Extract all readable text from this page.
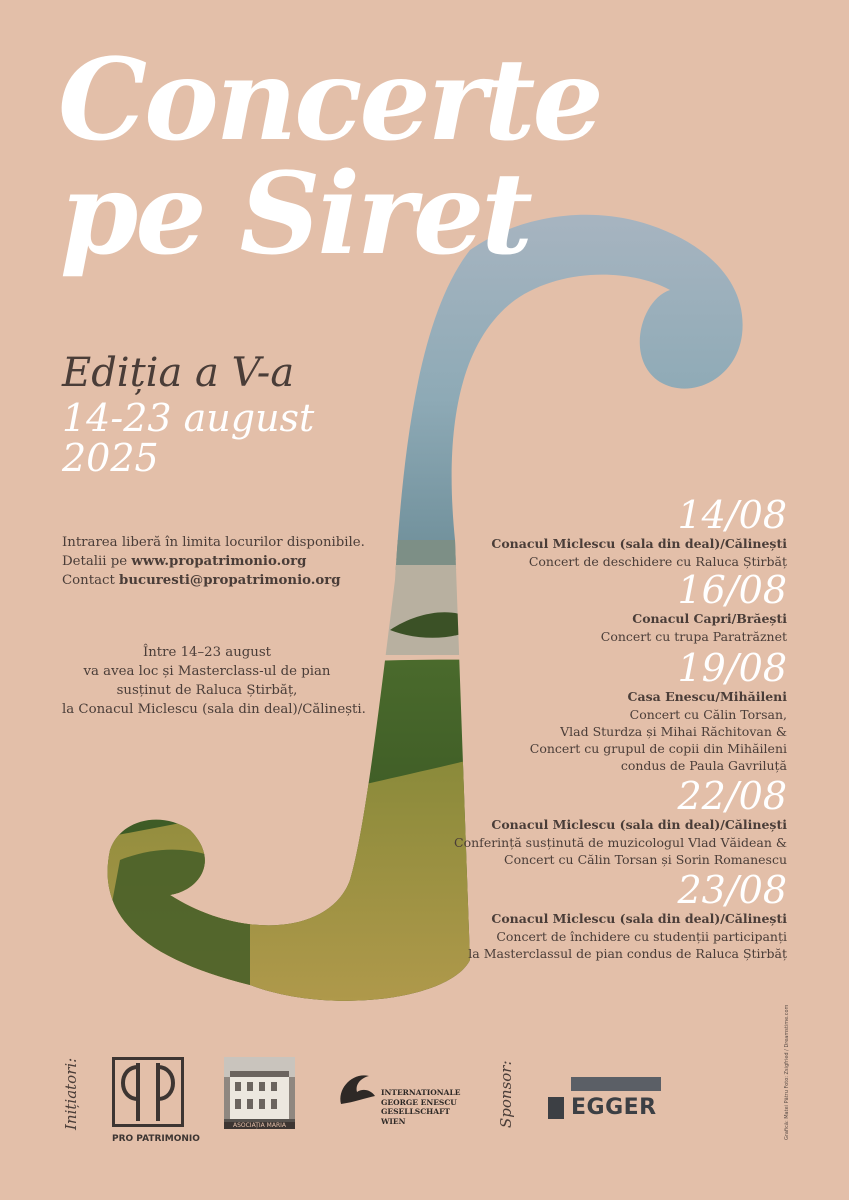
Concerte
pe Siret
Ediția a V-a
14-23 august
2025
Intrarea liberă în limita locurilor disponibile.
Detalii pe www.propatrimonio.org
Contact bucuresti@propatrimonio.org
Între 14–23 august
va avea loc și Masterclass-ul de pian
susținut de Raluca Știrbăț,
la Conacul Miclescu (sala din deal)/Călinești.
14/08
Conacul Miclescu (sala din deal)/Călinești
Concert de deschidere cu Raluca Știrbăț
16/08
Conacul Capri/Brăești
Concert cu trupa Paratrăznet
19/08
Casa Enescu/Mihăileni
Concert cu Călin Torsan,
Vlad Sturdza și Mihai Răchitovan &
Concert cu grupul de copii din Mihăileni
condus de Paula Gavriluță
22/08
Conacul Miclescu (sala din deal)/Călinești
Conferință susținută de muzicologul Vlad Văidean &
Concert cu Călin Torsan și Sorin Romanescu
23/08
Conacul Miclescu (sala din deal)/Călinești
Concert de închidere cu studenții participanți
la Masterclassul de pian condus de Raluca Știrbăț
Inițiatori:
PRO PATRIMONIO
ASOCIAȚIA MARIA
INTERNATIONALE
GEORGE ENESCU
GESELLSCHAFT
WIEN	Sponsor:	EGGER	Grafică: Matei Pătru Foto: Zsigfried / Dreamstime.com
